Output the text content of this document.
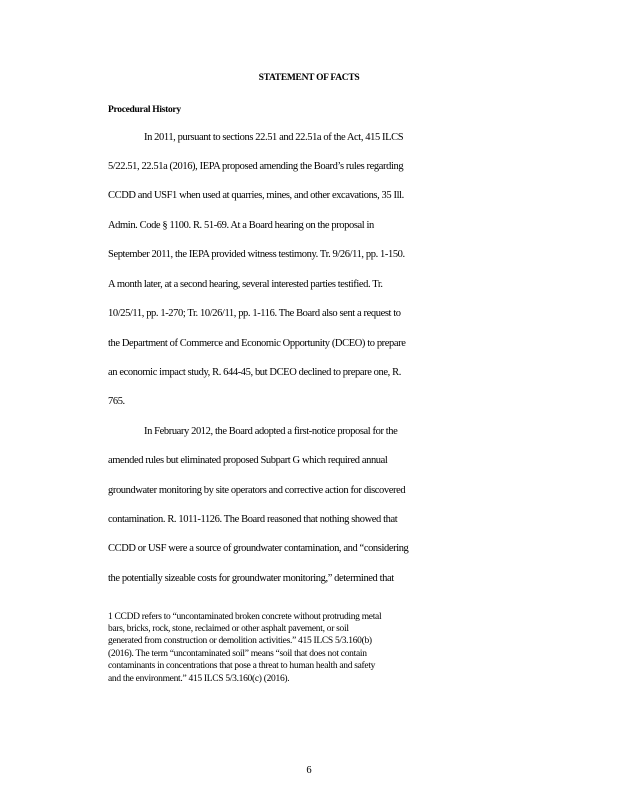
STATEMENT OF FACTS
Procedural History
In 2011, pursuant to sections 22.51 and 22.51a of the Act, 415 ILCS
5/22.51, 22.51a (2016), IEPA proposed amending the Board’s rules regarding
CCDD and USF1 when used at quarries, mines, and other excavations, 35 Ill.
Admin. Code § 1100. R. 51-69. At a Board hearing on the proposal in
September 2011, the IEPA provided witness testimony. Tr. 9/26/11, pp. 1-150.
A month later, at a second hearing, several interested parties testified. Tr.
10/25/11, pp. 1-270; Tr. 10/26/11, pp. 1-116. The Board also sent a request to
the Department of Commerce and Economic Opportunity (DCEO) to prepare
an economic impact study, R. 644-45, but DCEO declined to prepare one, R.
765.
In February 2012, the Board adopted a first-notice proposal for the
amended rules but eliminated proposed Subpart G which required annual
groundwater monitoring by site operators and corrective action for discovered
contamination. R. 1011-1126. The Board reasoned that nothing showed that
CCDD or USF were a source of groundwater contamination, and “considering
the potentially sizeable costs for groundwater monitoring,” determined that
1 CCDD refers to “uncontaminated broken concrete without protruding metal
bars, bricks, rock, stone, reclaimed or other asphalt pavement, or soil
generated from construction or demolition activities.” 415 ILCS 5/3.160(b)
(2016). The term “uncontaminated soil” means “soil that does not contain
contaminants in concentrations that pose a threat to human health and safety
and the environment.” 415 ILCS 5/3.160(c) (2016).
6
